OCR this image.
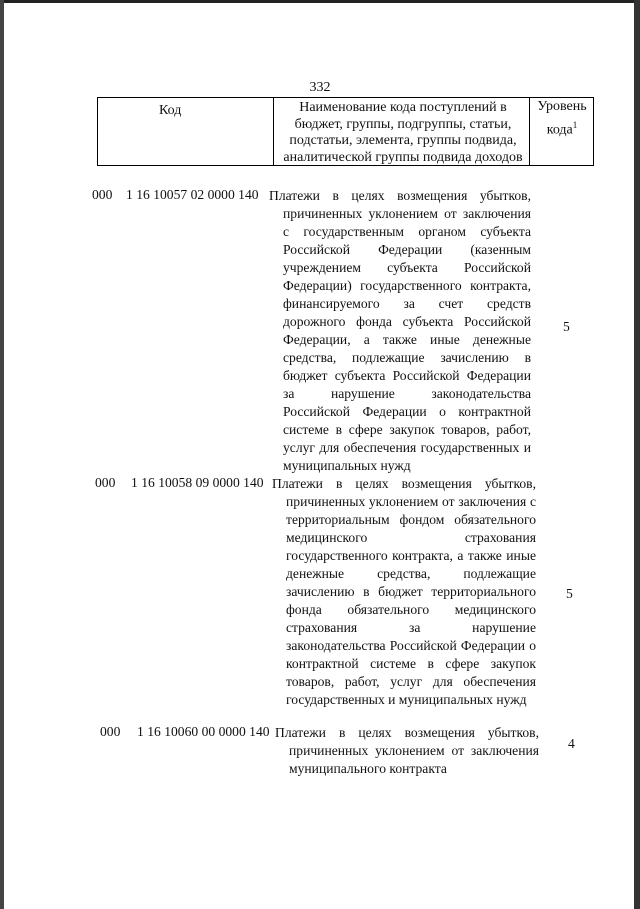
332
Код	Наименование кода поступлений в бюджет, группы, подгруппы, статьи, подстатьи, элемента, группы подвида, аналитической группы подвида доходов
Уровень кода$^1$
000 1 16 10057 02 0000 140 Платежи в целях возмещения убытков, причиненных уклонением от заключения с государственным органом субъекта Российской Федерации (казенным учреждением субъекта Российской Федерации) государственного контракта, финансируемого за счет средств дорожного фонда субъекта Российской Федерации, а также иные денежные средства, подлежащие зачислению в бюджет субъекта Российской Федерации за нарушение законодательства Российской Федерации о контрактной системе в сфере закупок товаров, работ, услуг для обеспечения государственных и муниципальных нужд
5
000 1 16 10058 09 0000 140 Платежи в целях возмещения убытков, причиненных уклонением от заключения с территориальным фондом обязательного медицинского страхования государственного контракта, а также иные денежные средства, подлежащие зачислению в бюджет территориального фонда обязательного медицинского страхования за нарушение законодательства Российской Федерации о контрактной системе в сфере закупок товаров, работ, услуг для обеспечения государственных и муниципальных нужд
5
000 1 16 10060 00 0000 140 Платежи в целях возмещения убытков, причиненных уклонением от заключения муниципального контракта
4
